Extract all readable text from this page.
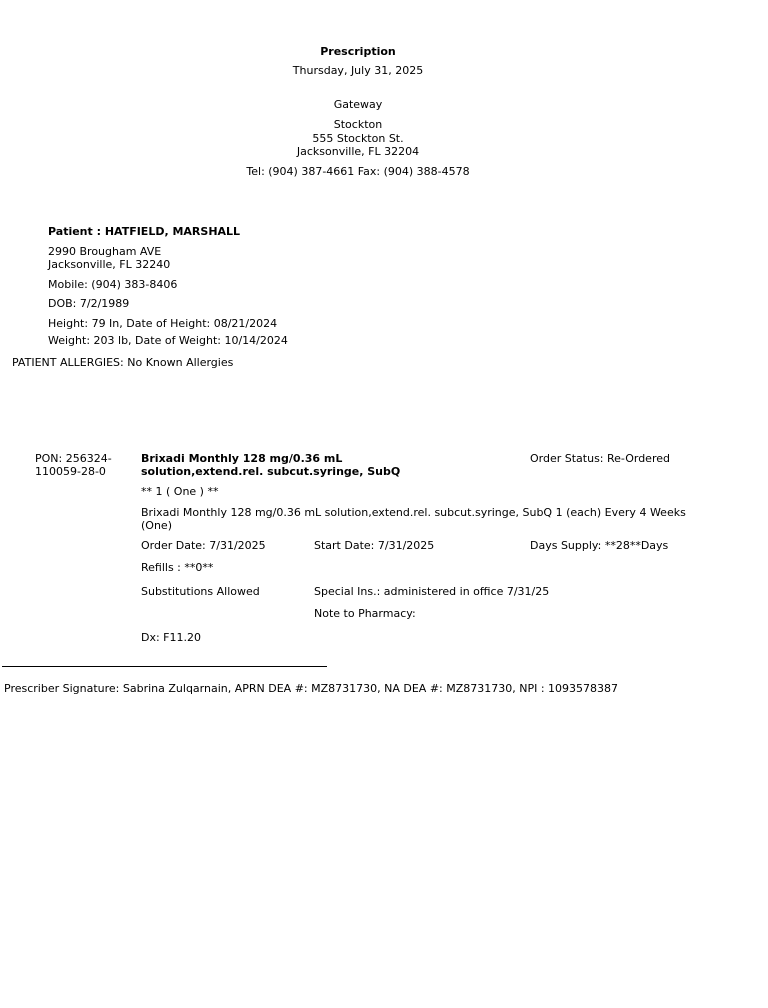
Prescription
Thursday, July 31, 2025
Gateway
Stockton
555 Stockton St.
Jacksonville, FL 32204
Tel: (904) 387-4661 Fax: (904) 388-4578
Patient : HATFIELD, MARSHALL
2990 Brougham AVE
Jacksonville, FL 32240
Mobile: (904) 383-8406
DOB: 7/2/1989
Height: 79 In, Date of Height: 08/21/2024
Weight: 203 lb, Date of Weight: 10/14/2024
PATIENT ALLERGIES: No Known Allergies
PON: 256324-
110059-28-0
Brixadi Monthly 128 mg/0.36 mL
solution,extend.rel. subcut.syringe, SubQ
Order Status: Re-Ordered
** 1 ( One ) **
Brixadi Monthly 128 mg/0.36 mL solution,extend.rel. subcut.syringe, SubQ 1 (each) Every 4 Weeks (One)
Order Date: 7/31/2025	Start Date: 7/31/2025	Days Supply: **28**Days
Refills : **0**
Substitutions Allowed	Special Ins.: administered in office 7/31/25
Note to Pharmacy:
Dx: F11.20
Prescriber Signature: Sabrina Zulqarnain, APRN DEA #: MZ8731730, NA DEA #: MZ8731730, NPI : 1093578387
